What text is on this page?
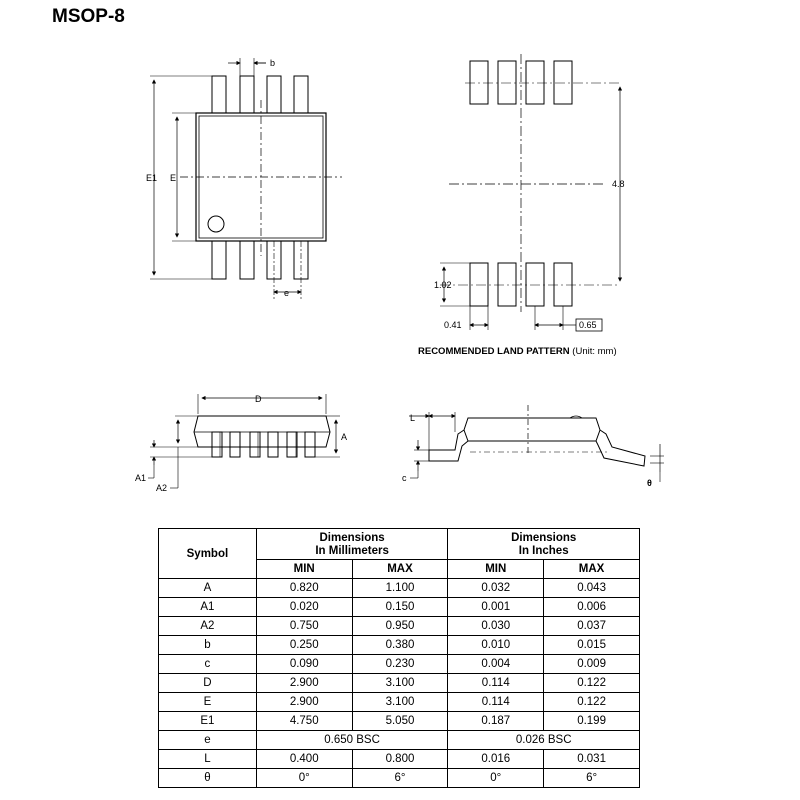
MSOP-8
b
e
E1 E
4.8
1.02
0.41	0.65
D
A
A1
A2
L
c	θ
RECOMMENDED LAND PATTERN (Unit: mm)
Symbol	Dimensions
In Millimeters		Dimensions
In Inches	

	MIN	MAX	MIN	MAX
A	0.820	1.100	0.032	0.043
A1	0.020	0.150	0.001	0.006
A2	0.750	0.950	0.030	0.037
b	0.250	0.380	0.010	0.015
c	0.090	0.230	0.004	0.009
D	2.900	3.100	0.114	0.122
E	2.900	3.100	0.114	0.122
E1	4.750	5.050	0.187	0.199
e	0.650 BSC		0.026 BSC	
L	0.400	0.800	0.016	0.031
θ	0°	6°	0°	6°
